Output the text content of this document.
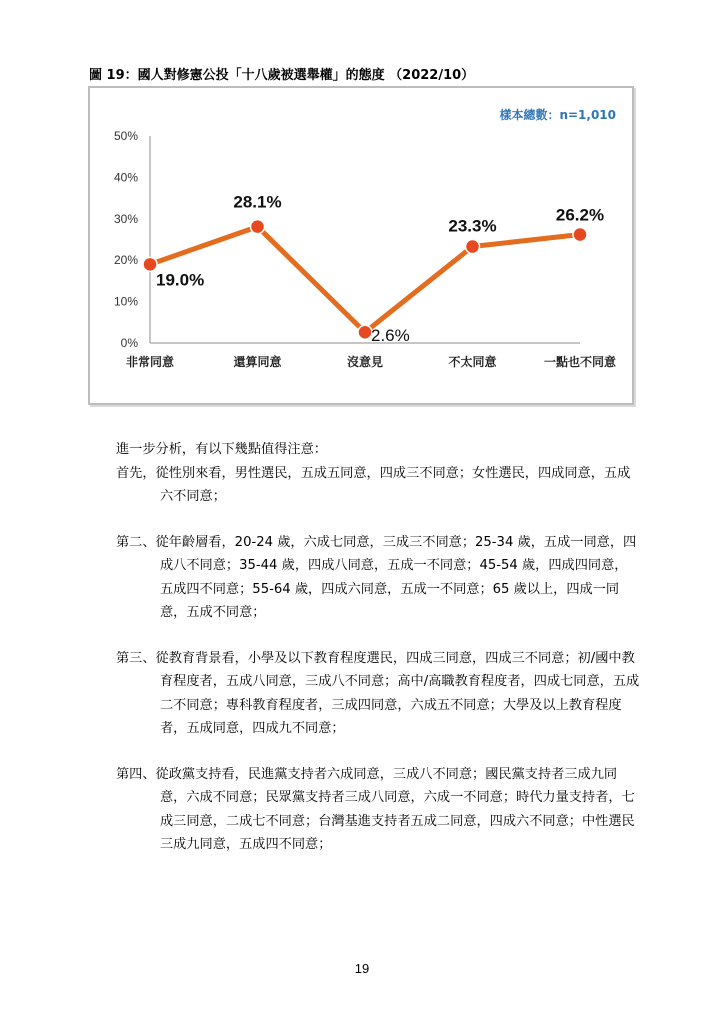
圖 19：國人對修憲公投「十八歲被選舉權」的態度 （2022/10）
0%
10%
20%
30%
40%
50%
非常同意	還算同意	沒意見	不太同意	一點也不同意
19.0%
28.1%
2.6%
23.3%
26.2%
樣本總數：n=1,010

進一步分析，有以下幾點值得注意：

首先，從性別來看，男性選民，五成五同意，四成三不同意；女性選民，四成同意，五成六不同意；

第二、從年齡層看，20-24 歲，六成七同意，三成三不同意；25-34 歲，五成一同意，四成八不同意；35-44 歲，四成八同意，五成一不同意；45-54 歲，四成四同意，五成四不同意；55-64 歲，四成六同意，五成一不同意；65 歲以上，四成一同意，五成不同意；

第三、從教育背景看，小學及以下教育程度選民，四成三同意，四成三不同意；初/國中教育程度者，五成八同意，三成八不同意；高中/高職教育程度者，四成七同意，五成二不同意；專科教育程度者，三成四同意，六成五不同意；大學及以上教育程度者，五成同意，四成九不同意；

第四、從政黨支持看，民進黨支持者六成同意，三成八不同意；國民黨支持者三成九同意，六成不同意；民眾黨支持者三成八同意，六成一不同意；時代力量支持者，七成三同意，二成七不同意；台灣基進支持者五成二同意，四成六不同意；中性選民三成九同意，五成四不同意；

19
